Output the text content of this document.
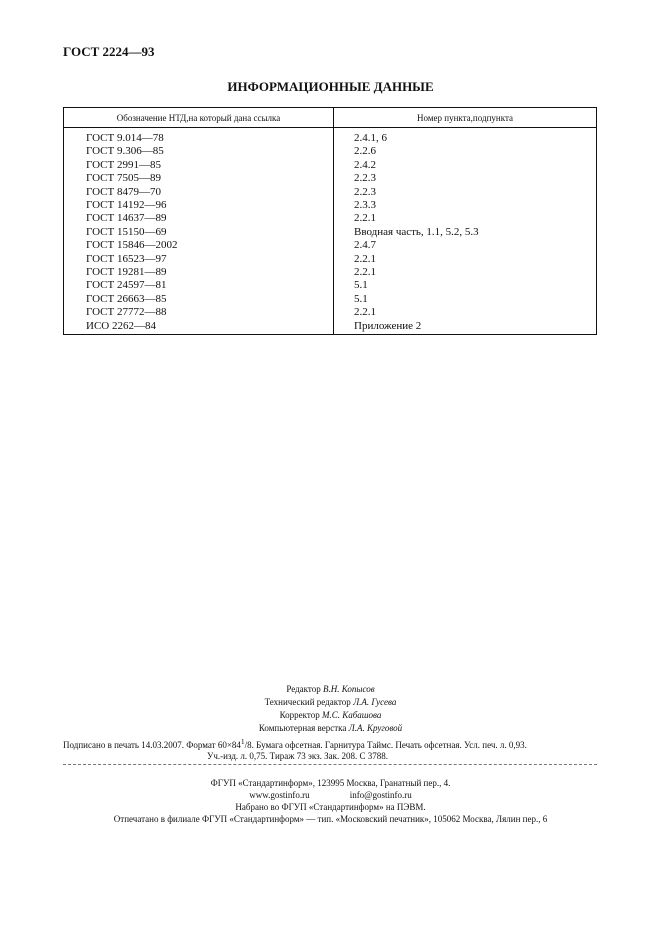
ГОСТ 2224—93
ИНФОРМАЦИОННЫЕ ДАННЫЕ
Обозначение НТД,на который дана ссылка	Номер пункта,подпункта
ГОСТ 9.014—78	2.4.1, 6
ГОСТ 9.306—85	2.2.6
ГОСТ 2991—85	2.4.2
ГОСТ 7505—89	2.2.3
ГОСТ 8479—70	2.2.3
ГОСТ 14192—96	2.3.3
ГОСТ 14637—89	2.2.1
ГОСТ 15150—69	Вводная часть, 1.1, 5.2, 5.3
ГОСТ 15846—2002	2.4.7
ГОСТ 16523—97	2.2.1
ГОСТ 19281—89	2.2.1
ГОСТ 24597—81	5.1
ГОСТ 26663—85	5.1
ГОСТ 27772—88	2.2.1
ИСО 2262—84	Приложение 2
Редактор В.Н. Копысов
Технический редактор Л.А. Гусева
Корректор М.С. Кабашова
Компьютерная верстка Л.А. Круговой
Подписано в печать 14.03.2007. Формат $60\times 84^1/8$. Бумага офсетная. Гарнитура Таймс. Печать офсетная. Усл. печ. л. 0,93.
Уч.-изд. л. 0,75. Тираж 73 экз. Зак. 208. С 3788.
ФГУП «Стандартинформ», 123995 Москва, Гранатный пер., 4.
www.gostinfo.ru	info@gostinfo.ru
Набрано во ФГУП «Стандартинформ» на ПЭВМ.
Отпечатано в филиале ФГУП «Стандартинформ» — тип. «Московский печатник», 105062 Москва, Лялин пер., 6
